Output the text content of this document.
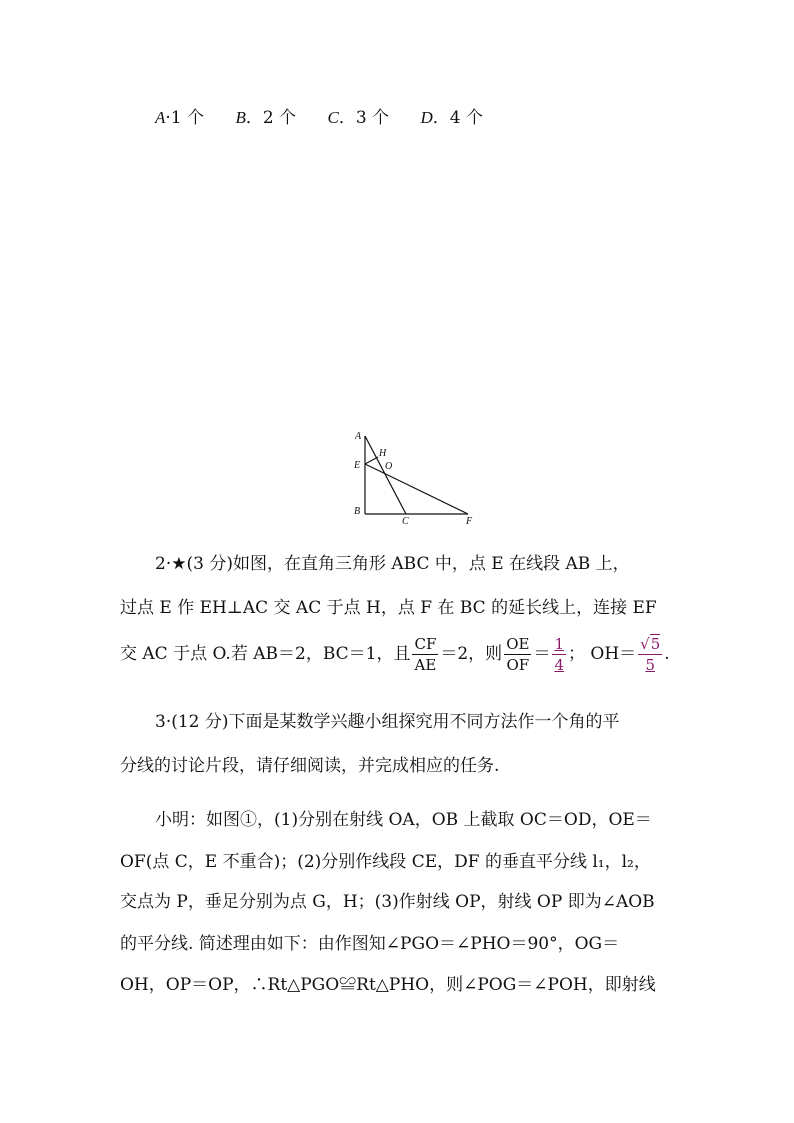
A·1 个 B．2 个 C．3 个 D．4 个
A
H
E O
B
C	F
2·★(3 分)如图，在直角三角形 ABC 中，点 E 在线段 AB 上，
过点 E 作 EH⊥AC 交 AC 于点 H，点 F 在 BC 的延长线上，连接 EF
交 AC 于点 O.若 AB＝2，BC＝1，且 $\frac{CF}{AE} =2$，则 $\frac{OE}{OF} = \frac{1}{4}$ ； $OH= \frac{√5}{5}$ .
3·(12 分)下面是某数学兴趣小组探究用不同方法作一个角的平
分线的讨论片段，请仔细阅读，并完成相应的任务.
小明：如图①，(1)分别在射线 OA，OB 上截取 OC＝OD，OE＝
OF(点 C，E 不重合)；(2)分别作线段 CE，DF 的垂直平分线 l₁，l₂，
交点为 P，垂足分别为点 G，H；(3)作射线 OP，射线 OP 即为∠AOB
的平分线. 简述理由如下：由作图知∠PGO＝∠PHO＝90°，OG＝
OH，OP＝OP，∴Rt△PGO≌Rt△PHO，则∠POG＝∠POH，即射线
